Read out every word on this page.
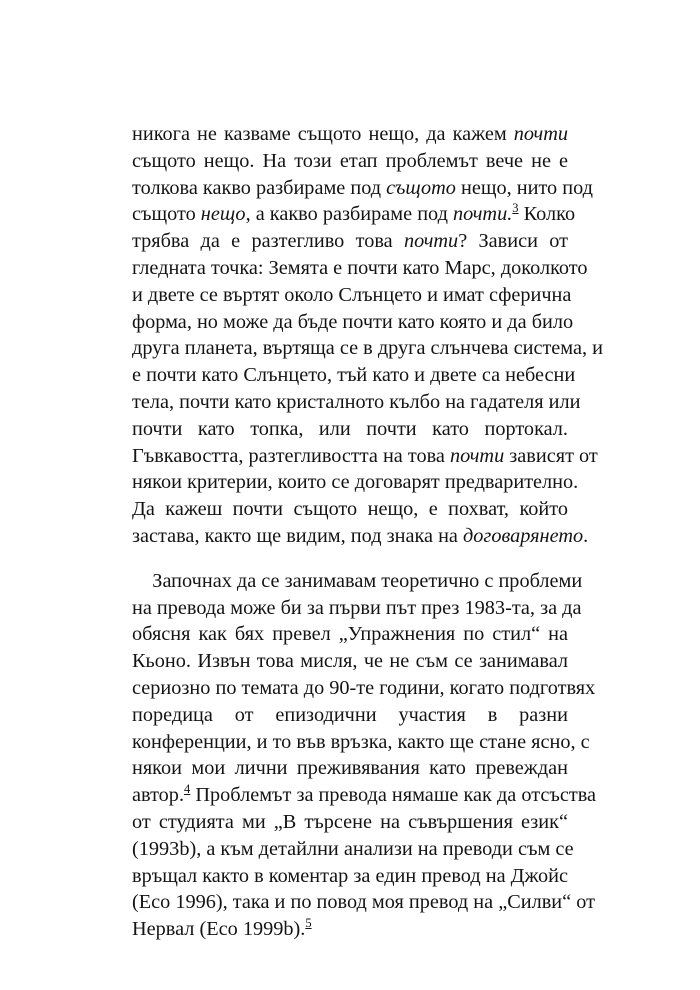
никога не казваме същото нещо, да кажем почти
същото нещо. На този етап проблемът вече не е
толкова какво разбираме под същото нещо, нито под
същото нещо, а какво разбираме под почти.$^3$ Колко
трябва да е разтегливо това почти? Зависи от
гледната точка: Земята е почти като Марс, доколкото
и двете се въртят около Слънцето и имат сферична
форма, но може да бъде почти като която и да било
друга планета, въртяща се в друга слънчева система, и
е почти като Слънцето, тъй като и двете са небесни
тела, почти като кристалното кълбо на гадателя или
почти като топка, или почти като портокал.
Гъвкавостта, разтегливостта на това почти зависят от
някои критерии, които се договарят предварително.
Да кажеш почти същото нещо, е похват, който
застава, както ще видим, под знака на договарянето.
Започнах да се занимавам теоретично с проблеми
на превода може би за първи път през 1983-та, за да
обясня как бях превел „Упражнения по стил“ на
Кьоно. Извън това мисля, че не съм се занимавал
сериозно по темата до 90-те години, когато подготвях
поредица от епизодични участия в разни
конференции, и то във връзка, както ще стане ясно, с
някои мои лични преживявания като превеждан
автор.$^4$ Проблемът за превода нямаше как да отсъства
от студията ми „В търсене на съвършения език“
(1993b), а към детайлни анализи на преводи съм се
връщал както в коментар за един превод на Джойс
(Eco 1996), така и по повод моя превод на „Силви“ от
Нервал (Eco 1999b).$^5$
